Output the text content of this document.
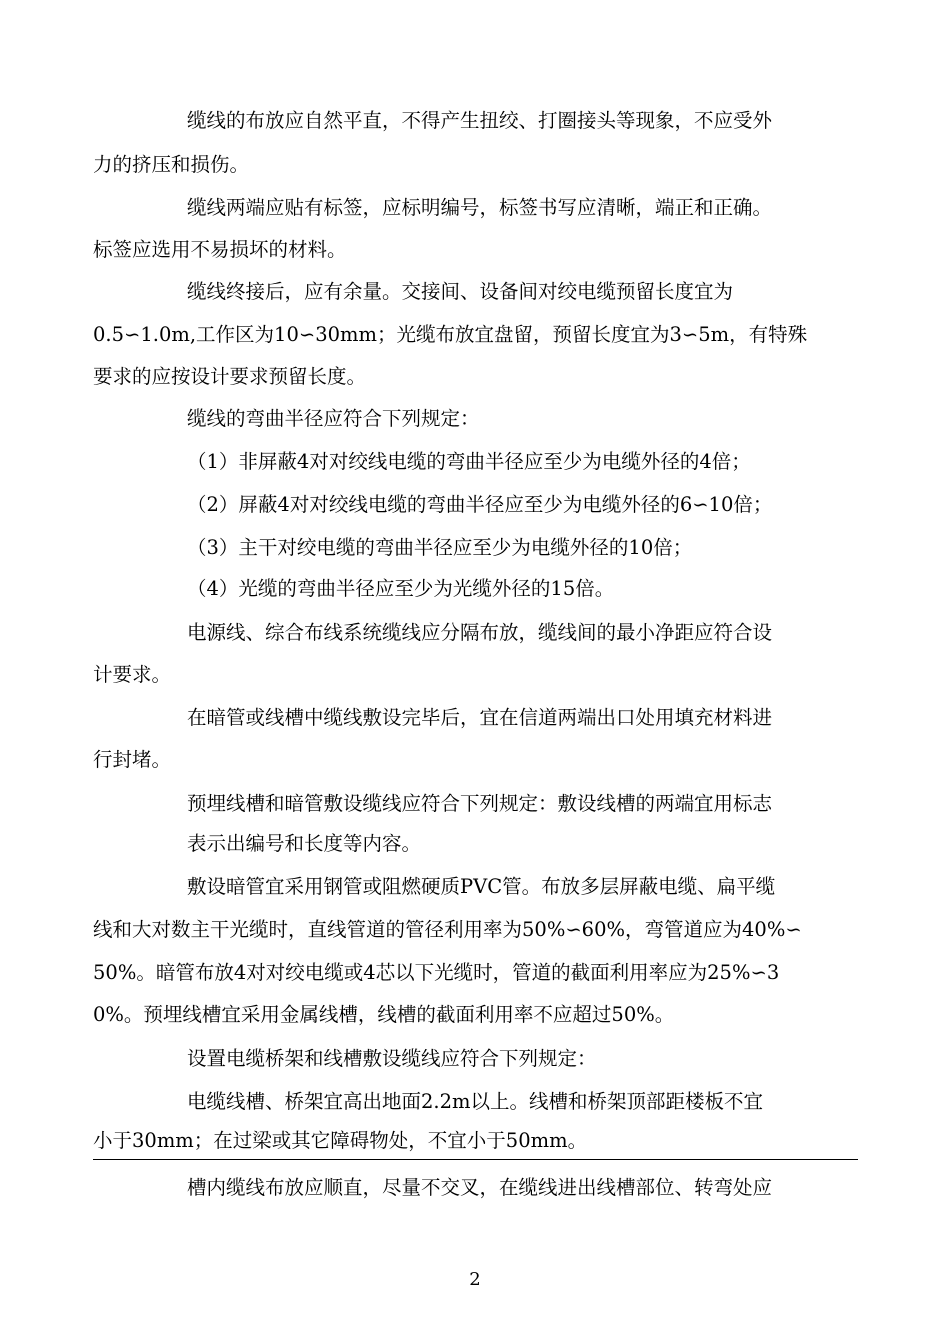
缆线的布放应自然平直，不得产生扭绞、打圈接头等现象，不应受外
力的挤压和损伤。
缆线两端应贴有标签，应标明编号，标签书写应清晰，端正和正确。
标签应选用不易损坏的材料。
缆线终接后，应有余量。交接间、设备间对绞电缆预留长度宜为
0.5∽1.0m,工作区为10∽30mm；光缆布放宜盘留，预留长度宜为3∽5m，有特殊
要求的应按设计要求预留长度。
缆线的弯曲半径应符合下列规定：
（1）非屏蔽4对对绞线电缆的弯曲半径应至少为电缆外径的4倍；
（2）屏蔽4对对绞线电缆的弯曲半径应至少为电缆外径的6∽10倍；
（3）主干对绞电缆的弯曲半径应至少为电缆外径的10倍；
（4）光缆的弯曲半径应至少为光缆外径的15倍。
电源线、综合布线系统缆线应分隔布放，缆线间的最小净距应符合设
计要求。
在暗管或线槽中缆线敷设完毕后，宜在信道两端出口处用填充材料进
行封堵。
预埋线槽和暗管敷设缆线应符合下列规定：敷设线槽的两端宜用标志
表示出编号和长度等内容。
敷设暗管宜采用钢管或阻燃硬质PVC管。布放多层屏蔽电缆、扁平缆
线和大对数主干光缆时，直线管道的管径利用率为50%∽60%，弯管道应为40%∽
50%。暗管布放4对对绞电缆或4芯以下光缆时，管道的截面利用率应为25%∽3
0%。预埋线槽宜采用金属线槽，线槽的截面利用率不应超过50%。
设置电缆桥架和线槽敷设缆线应符合下列规定：
电缆线槽、桥架宜高出地面2.2m以上。线槽和桥架顶部距楼板不宜
小于30mm；在过梁或其它障碍物处，不宜小于50mm。
槽内缆线布放应顺直，尽量不交叉，在缆线进出线槽部位、转弯处应
2
